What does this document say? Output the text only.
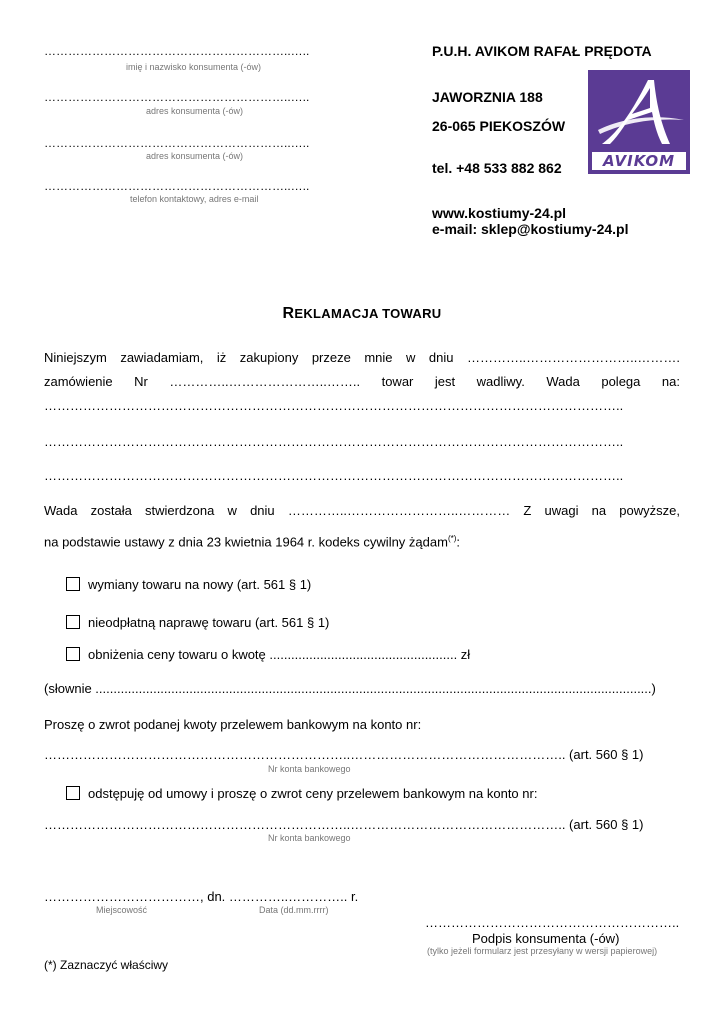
……………………………………………………..…..
imię i nazwisko konsumenta (-ów)
……………………………………………………..…..
adres konsumenta (-ów)
……………………………………………………..…..
adres konsumenta (-ów)
……………………………………………………..…..
telefon kontaktowy, adres e-mail
P.U.H. AVIKOM RAFAŁ PRĘDOTA
JAWORZNIA 188
26-065 PIEKOSZÓW
tel. +48 533 882 862
www.kostiumy-24.pl
e-mail: sklep@kostiumy-24.pl
AVIKOM
REKLAMACJA TOWARU
Niniejszym zawiadamiam, iż zakupiony przeze mnie w dniu …………..……………………..……….
zamówienie Nr …………..…………………..…….. towar jest wadliwy. Wada polega na:
……………………………………………………………………………………………………………………..
……………………………………………………………………………………………………………………..
……………………………………………………………………………………………………………………..
Wada została stwierdzona w dniu …………..……………………..………… Z uwagi na powyższe,
na podstawie ustawy z dnia 23 kwietnia 1964 r. kodeks cywilny żądam(*):
wymiany towaru na nowy (art. 561 § 1)
nieodpłatną naprawę towaru (art. 561 § 1)
obniżenia ceny towaru o kwotę .................................................... zł
(słownie ..........................................................................................................................................................)
Proszę o zwrot podanej kwoty przelewem bankowym na konto nr:
……………………………………………………………..………………………………………….. (art. 560 § 1)
Nr konta bankowego
odstępuję od umowy i proszę o zwrot ceny przelewem bankowym na konto nr:
……………………………………………………………..………………………………………….. (art. 560 § 1)
Nr konta bankowego
………………………………, dn. …………..………….. r.
Miejscowość	Data (dd.mm.rrrr)
…………………………………………………..
Podpis konsumenta (-ów)
(tylko jeżeli formularz jest przesyłany w wersji papierowej)
(*) Zaznaczyć właściwy
